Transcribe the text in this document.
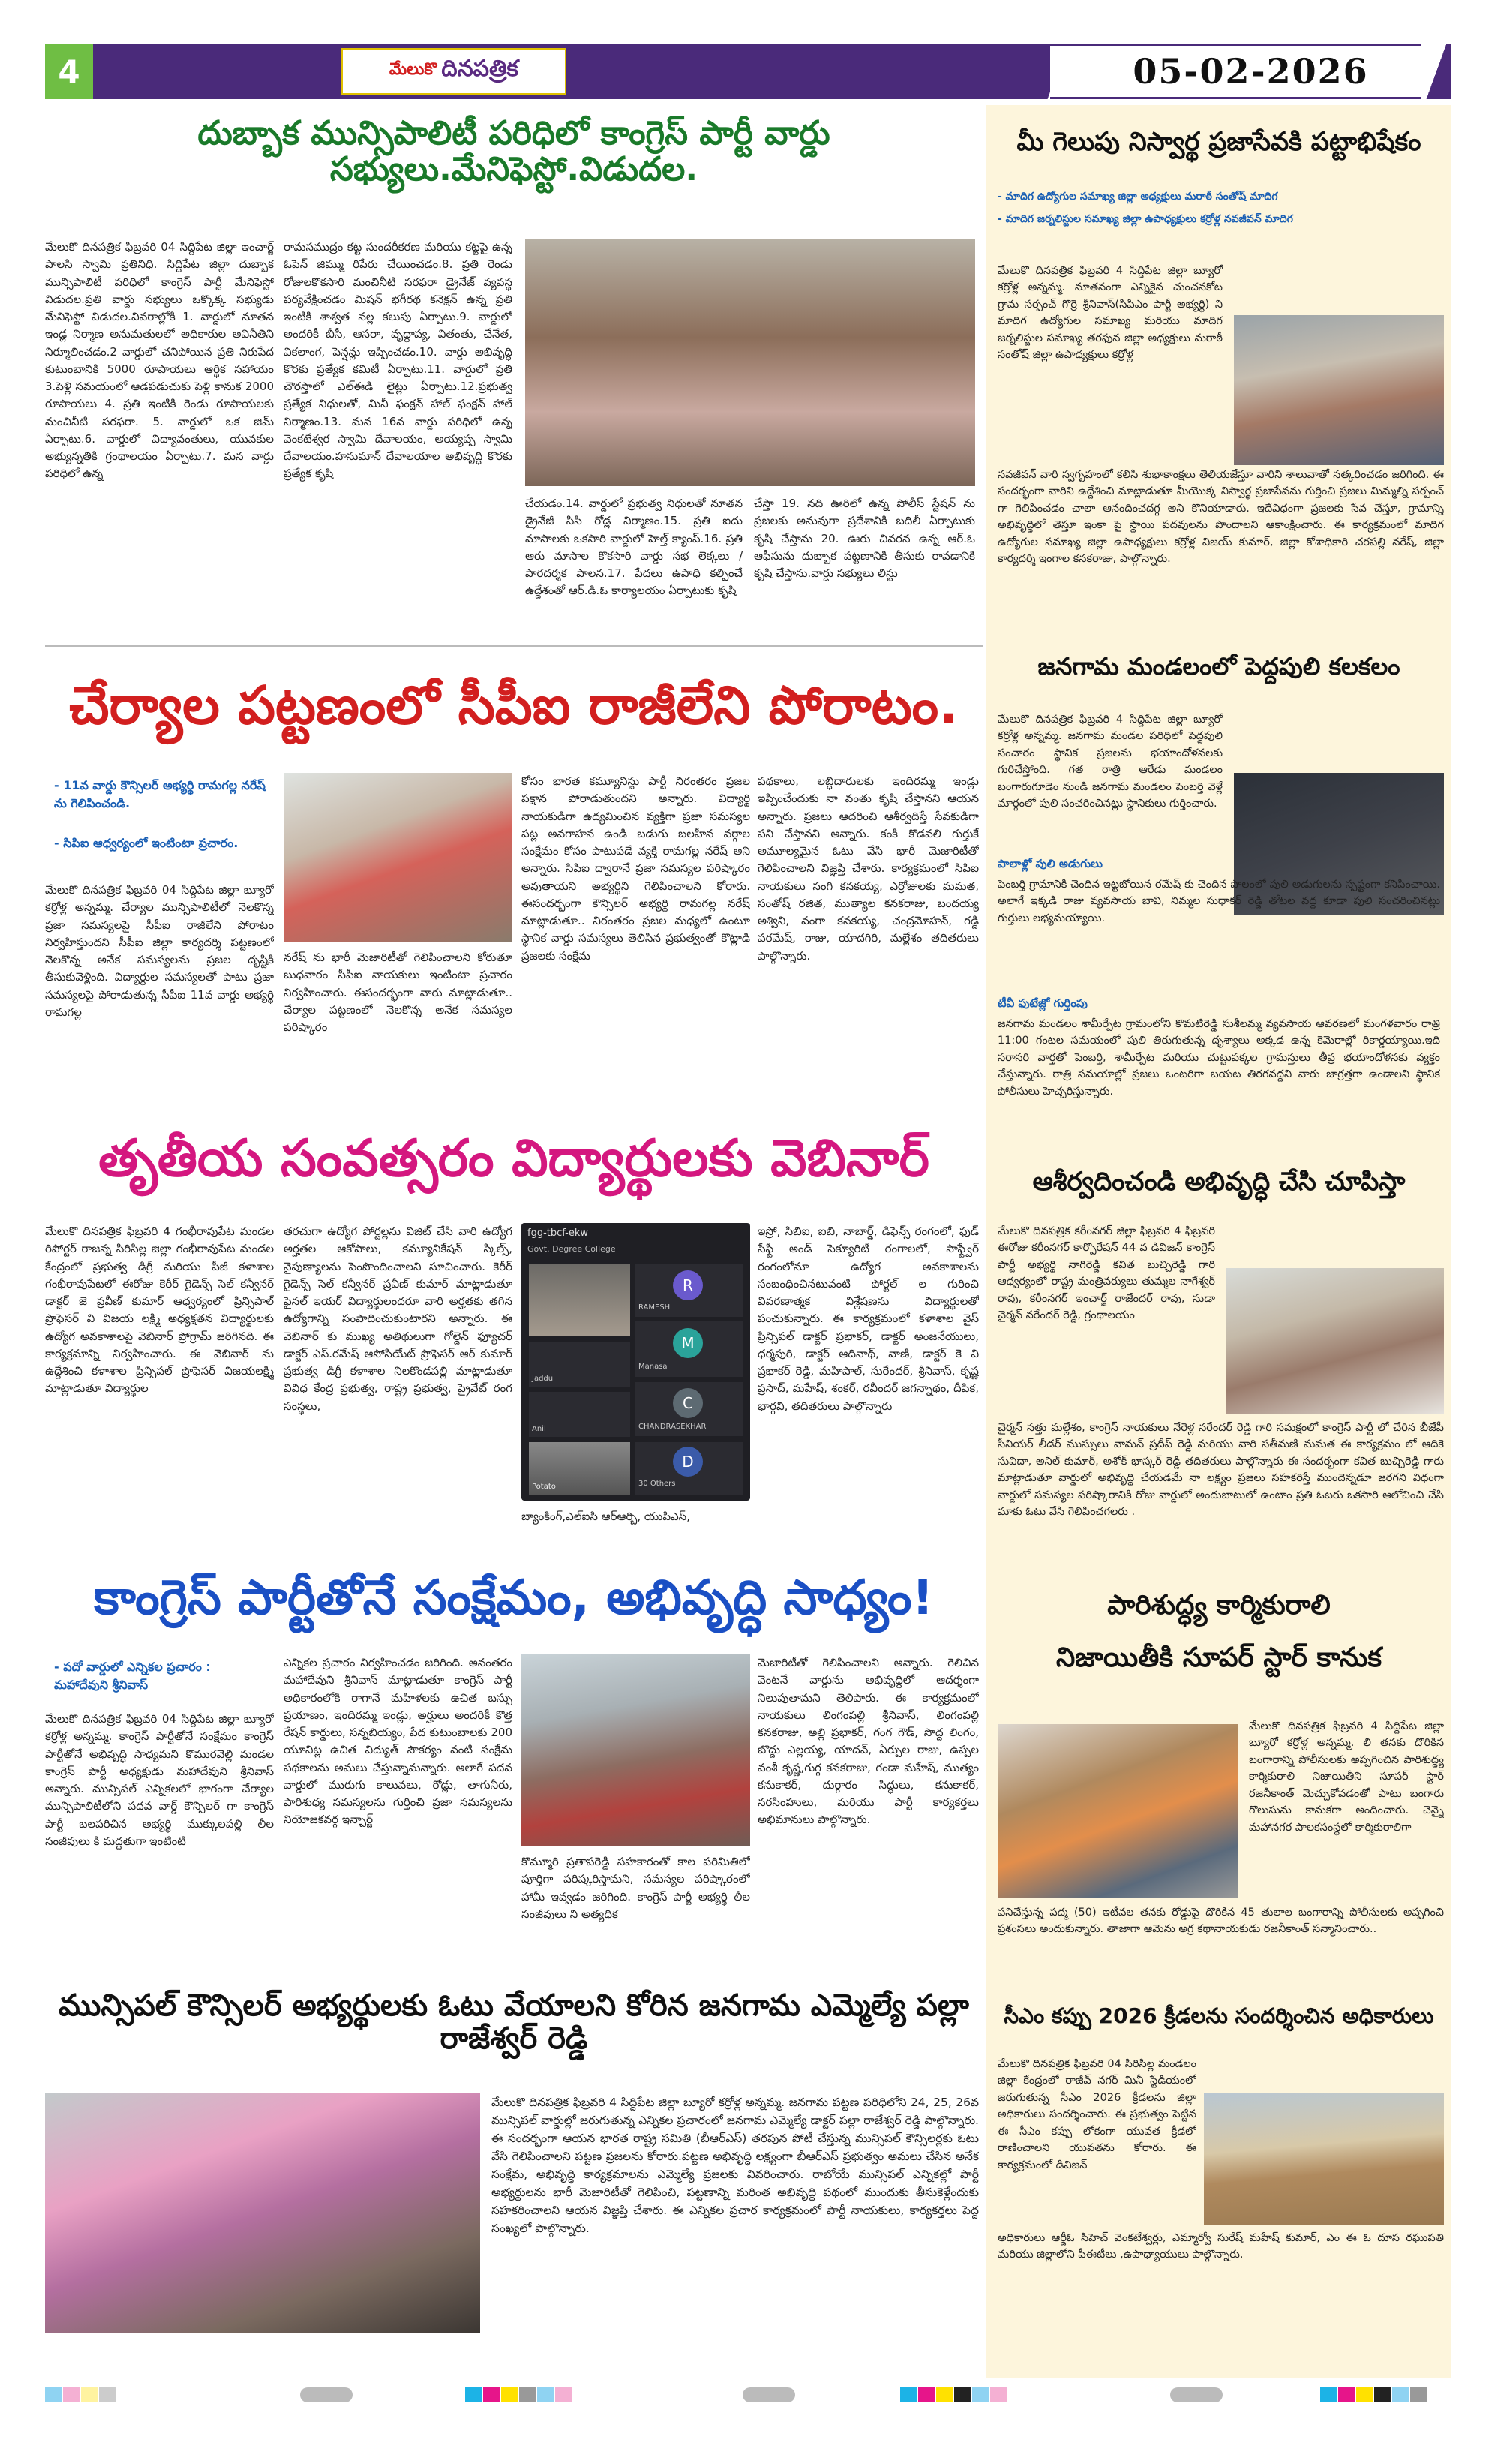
4	మేలుకొ దినపత్రిక	05-02-2026
దుబ్బాక మున్సిపాలిటీ పరిధిలో కాంగ్రెస్ పార్టీ వార్డు సభ్యులు.మేనిఫెస్టో.విడుదల.
మేలుకొ దినపత్రిక ఫిబ్రవరి 04 సిద్దిపేట జిల్లా ఇంచార్జ్ పాలసి స్వామి ప్రతినిధి. సిద్దిపేట జిల్లా దుబ్బాక మున్సిపాలిటీ పరిధిలో కాంగ్రెస్ పార్టీ మేనిఫెస్టో విడుదల.ప్రతి వార్డు సభ్యులు ఒక్కొక్క సభ్యుడు మేనిఫెస్టో విడుదల.వివరాల్లోకి 1. వార్డులో నూతన ఇండ్ల నిర్మాణ అనుమతులలో అధికారుల అవినీతిని నిర్మూలించడం.2 వార్డులో చనిపోయిన ప్రతి నిరుపేద కుటుంబానికి 5000 రూపాయలు ఆర్థిక సహాయం 3.పెళ్లి సమయంలో ఆడపడుచుకు పెళ్లి కానుక 2000 రూపాయలు 4. ప్రతి ఇంటికి రెండు రూపాయలకు మంచినీటి సరఫరా. 5. వార్డులో ఒక జిమ్ ఏర్పాటు.6. వార్డులో విద్యావంతులు, యువకుల అభ్యున్నతికి గ్రంథాలయం ఏర్పాటు.7. మన వార్డు పరిధిలో ఉన్న
రామసముద్రం కట్ట సుందరీకరణ మరియు కట్టపై ఉన్న ఓపెన్ జిమ్ము రిపేరు చేయించడం.8. ప్రతి రెండు రోజులకొకసారి మంచినీటి సరఫరా డ్రైనేజ్ వ్యవస్థ పర్యవేక్షించడం మిషన్ భగీరథ కనెక్షన్ ఉన్న ప్రతి ఇంటికి శాశ్వత నల్ల కలుపు ఏర్పాటు.9. వార్డులో అందరికీ బీసీ, ఆసరా, వృద్ధాప్య, వితంతు, చేనేత, వికలాంగ, పెన్షన్లు ఇప్పించడం.10. వార్డు అభివృద్ధి కొరకు ప్రత్యేక కమిటీ ఏర్పాటు.11. వార్డులో ప్రతి చౌరస్తాలో ఎల్ఈడి లైట్లు ఏర్పాటు.12.ప్రభుత్వ ప్రత్యేక నిధులతో, మినీ ఫంక్షన్ హాల్ ఫంక్షన్ హాల్ నిర్మాణం.13. మన 16వ వార్డు పరిధిలో ఉన్న వెంకటేశ్వర స్వామి దేవాలయం, అయ్యప్ప స్వామి దేవాలయం.హనుమాన్ దేవాలయాల అభివృద్ధి కొరకు ప్రత్యేక కృషి
చేయడం.14. వార్డులో ప్రభుత్వ నిధులతో నూతన డ్రైనేజీ సిసి రోడ్ల నిర్మాణం.15. ప్రతి ఐదు మాసాలకు ఒకసారి వార్డులో హెల్త్ క్యాంప్.16. ప్రతి ఆరు మాసాల కొకసారి వార్డు సభ లెక్కలు /పారదర్శక పాలన.17. పేదలు ఉపాధి కల్పించే ఉద్దేశంతో ఆర్.డి.ఓ కార్యాలయం ఏర్పాటుకు కృషి
చేస్తా 19. నది ఊరిలో ఉన్న పోలీస్ స్టేషన్ ను ప్రజలకు అనువుగా ప్రదేశానికి బదిలీ ఏర్పాటుకు కృషి చేస్తాను 20. ఊరు చివరన ఉన్న ఆర్.ఓ ఆఫీసును దుబ్బాక పట్టణానికి తీసుకు రావడానికి కృషి చేస్తాను.వార్డు సభ్యులు లిస్టు
చేర్యాల పట్టణంలో సీపీఐ రాజీలేని పోరాటం.
- 11వ వార్డు కౌన్సిలర్ అభ్యర్థి రామగల్ల నరేష్ ను గెలిపించండి.
- సిపిఐ ఆధ్వర్యంలో ఇంటింటా ప్రచారం.
మేలుకొ దినపత్రిక ఫిబ్రవరి 04 సిద్దిపేట జిల్లా బ్యూరో కర్రోళ్ల అన్నమ్మ. చేర్యాల మున్సిపాలిటీలో నెలకొన్న ప్రజా సమస్యలపై సీపీఐ రాజీలేని పోరాటం నిర్వహిస్తుందని సీపీఐ జిల్లా కార్యదర్శి పట్టణంలో నెలకొన్న అనేక సమస్యలను ప్రజల దృష్టికి తీసుకువెళ్లింది. విద్యార్థుల సమస్యలతో పాటు ప్రజా సమస్యలపై పోరాడుతున్న సీపీఐ 11వ వార్డు అభ్యర్థి రామగల్ల
నరేష్ ను భారీ మెజారిటీతో గెలిపించాలని కోరుతూ బుధవారం సీపీఐ నాయకులు ఇంటింటా ప్రచారం నిర్వహించారు. ఈసందర్భంగా వారు మాట్లాడుతూ.. చేర్యాల పట్టణంలో నెలకొన్న అనేక సమస్యల పరిష్కారం
కోసం భారత కమ్యూనిస్టు పార్టీ నిరంతరం ప్రజల పక్షాన పోరాడుతుందని అన్నారు. విద్యార్థి నాయకుడిగా ఉద్యమించిన వ్యక్తిగా ప్రజా సమస్యల పట్ల అవగాహన ఉండి బడుగు బలహీన వర్గాల సంక్షేమం కోసం పాటుపడే వ్యక్తి రామగల్ల నరేష్ అని అన్నారు. సిపిఐ ద్వారానే ప్రజా సమస్యల పరిష్కారం అవుతాయని అభ్యర్థిని గెలిపించాలని కోరారు. ఈసందర్భంగా కౌన్సిలర్ అభ్యర్థి రామగల్ల నరేష్ మాట్లాడుతూ.. నిరంతరం ప్రజల మధ్యలో ఉంటూ స్థానిక వార్డు సమస్యలు తెలిసిన ప్రభుత్వంతో కొట్లాడి ప్రజలకు సంక్షేమ
పథకాలు, లబ్ధిదారులకు ఇందిరమ్మ ఇండ్లు ఇప్పించేందుకు నా వంతు కృషి చేస్తానని ఆయన అన్నారు. ప్రజలు ఆదరించి ఆశీర్వదిస్తే సేవకుడిగా పని చేస్తానని అన్నారు. కంకి కొడవలి గుర్తుకే అమూల్యమైన ఓటు వేసి భారీ మెజారిటీతో గెలిపించాలని విజ్ఞప్తి చేశారు. కార్యక్రమంలో సిపిఐ నాయకులు సంగి కనకయ్య, ఎర్రోజులకు మమత, సంతోష్ రజిత, ముత్యాల కనకరాజు, బందయ్య అశ్విని, వంగా కనకయ్య, చంద్రమోహన్, గడ్డి పరమేష్, రాజు, యాదగిరి, మల్లేశం తదితరులు పాల్గొన్నారు.
తృతీయ సంవత్సరం విద్యార్థులకు వెబినార్
మేలుకొ దినపత్రిక ఫిబ్రవరి 4 గంభీరావుపేట మండల రిపోర్టర్ రాజన్న సిరిసిల్ల జిల్లా గంభీరావుపేట మండల కేంద్రంలో ప్రభుత్వ డిగ్రీ మరియు పీజీ కళాశాల గంభీరావుపేటలో ఈరోజు కెరీర్ గైడెన్స్ సెల్ కన్వీనర్ డాక్టర్ జె ప్రవీణ్ కుమార్ ఆధ్వర్యంలో ప్రిన్సిపాల్ ప్రొఫెసర్ వి విజయ లక్ష్మి అధ్యక్షతన విద్యార్థులకు ఉద్యోగ అవకాశాలపై వెబినార్ ప్రోగ్రామ్ జరిగినది. ఈ కార్యక్రమాన్ని నిర్వహించారు. ఈ వెబినార్ ను ఉద్దేశించి కళాశాల ప్రిన్సిపల్ ప్రొఫెసర్ విజయలక్ష్మి మాట్లాడుతూ విద్యార్థుల
తరచుగా ఉద్యోగ పోర్టల్లను విజిట్ చేసి వారి ఉద్యోగ అర్హతల ఆకోపాలు, కమ్యూనికేషన్ స్కిల్స్, నైపుణ్యాలను పెంపొందించాలని సూచించారు. కెరీర్ గైడెన్స్ సెల్ కన్వీనర్ ప్రవీణ్ కుమార్ మాట్లాడుతూ ఫైనల్ ఇయర్ విద్యార్థులందరూ వారి అర్హతకు తగిన ఉద్యోగాన్ని సంపాదించుకుంటారని అన్నారు. ఈ వెబినార్ కు ముఖ్య అతిథులుగా గోల్డెన్ ఫ్యూచర్ డాక్టర్ ఎస్.రమేష్ ఆసోసియేట్ ప్రొఫెసర్ ఆర్ కుమార్ ప్రభుత్వ డిగ్రీ కళాశాల నిలకొండపల్లి మాట్లాడుతూ వివిధ కేంద్ర ప్రభుత్వ, రాష్ట్ర ప్రభుత్వ, ప్రైవేట్ రంగ సంస్థలు,
fgg-tbcf-ekw
Govt. Degree College
R
RAMESH
M
Manasa
Jaddu
Anil
C
CHANDRASEKHAR
Potato
D
30 Others
బ్యాంకింగ్,ఎల్ఐసి ఆర్ఆర్బి, యుపిఎస్,
ఇస్రో, సిబిఐ, ఐబి, నాబార్డ్, డిఫెన్స్ రంగంలో, ఫుడ్ సేఫ్టీ అండ్ సెక్యూరిటీ రంగాలలో, సాఫ్ట్వేర్ రంగంలోనూ ఉద్యోగ అవకాశాలను సంబంధించినటువంటి పోర్టల్ ల గురించి వివరణాత్మక విశ్లేషణను విద్యార్థులతో పంచుకున్నారు. ఈ కార్యక్రమంలో కళాశాల వైస్ ప్రిన్సిపల్ డాక్టర్ ప్రభాకర్, డాక్టర్ అంజనేయులు, ధర్మపురి, డాక్టర్ ఆదినాథ్, వాణి, డాక్టర్ కె వి ప్రభాకర్ రెడ్డి, మహిపాల్, సురేందర్, శ్రీనివాస్, కృష్ణ ప్రసాద్, మహేష్, శంకర్, రవీందర్ జగన్నాథం, దీపిక, భార్గవి, తదితరులు పాల్గొన్నారు
కాంగ్రెస్ పార్టీతోనే సంక్షేమం, అభివృద్ధి సాధ్యం!
- పదో వార్డులో ఎన్నికల ప్రచారం : మహాదేవుని శ్రీనివాస్
మేలుకొ దినపత్రిక ఫిబ్రవరి 04 సిద్దిపేట జిల్లా బ్యూరో కర్రోళ్ల అన్నమ్మ. కాంగ్రెస్ పార్టీతోనే సంక్షేమం కాంగ్రెస్ పార్టీతోనే అభివృద్ధి సాధ్యమని కొమురవెల్లి మండల కాంగ్రెస్ పార్టీ అధ్యక్షుడు మహాదేవుని శ్రీనివాస్ అన్నారు. మున్సిపల్ ఎన్నికలలో భాగంగా చేర్యాల మున్సిపాలిటీలోని పదవ వార్డ్ కౌన్సిలర్ గా కాంగ్రెస్ పార్టీ బలపరిచిన అభ్యర్థి ముక్కులపల్లి లీల సంజీవులు కి మద్దతుగా ఇంటింటి
ఎన్నికల ప్రచారం నిర్వహించడం జరిగింది. అనంతరం మహాదేవుని శ్రీనివాస్ మాట్లాడుతూ కాంగ్రెస్ పార్టీ అధికారంలోకి రాగానే మహిళలకు ఉచిత బస్సు ప్రయాణం, ఇందిరమ్మ ఇండ్లు, అర్హులు అందరికీ కొత్త రేషన్ కార్డులు, సన్నబియ్యం, పేద కుటుంబాలకు 200 యూనిట్ల ఉచిత విద్యుత్ సౌకర్యం వంటి సంక్షేమ పథకాలను అమలు చేస్తున్నామన్నారు. అలాగే పదవ వార్డులో మురుగు కాలువలు, రోడ్లు, తాగునీరు, పారిశుధ్య సమస్యలను గుర్తించి ప్రజా సమస్యలను నియోజకవర్గ ఇన్చార్జ్
కొమ్మూరి ప్రతాపరెడ్డి సహకారంతో కాల పరిమితిలో పూర్తిగా పరిష్కరిస్తామని, సమస్యల పరిష్కారంలో హామీ ఇవ్వడం జరిగింది. కాంగ్రెస్ పార్టీ అభ్యర్థి లీల సంజీవులు ని అత్యధిక
మెజారిటీతో గెలిపించాలని అన్నారు. గెలిచిన వెంటనే వార్డును అభివృద్ధిలో ఆదర్శంగా నిలుపుతామని తెలిపారు. ఈ కార్యక్రమంలో నాయకులు లింగంపల్లి శ్రీనివాస్, లింగంపల్లి కనకరాజు, అల్లి ప్రభాకర్, గంగ గౌడ్, సొద్ద లింగం, బొద్దు ఎల్లయ్య, యాదవ్, ఏర్పుల రాజు, ఉప్పల వంశీ కృష్ణ,గుగ్గ కనకరాజు, గండా మహేష్, ముత్యం కనుకాకర్, దుర్గారం సిద్ధులు, కనుకాకర్, నరసింహులు, మరియు పార్టీ కార్యకర్తలు అభిమానులు పాల్గొన్నారు.
మున్సిపల్ కౌన్సిలర్ అభ్యర్థులకు ఓటు వేయాలని కోరిన జనగామ ఎమ్మెల్యే పల్లా రాజేశ్వర్ రెడ్డి
మేలుకొ దినపత్రిక ఫిబ్రవరి 4 సిద్దిపేట జిల్లా బ్యూరో కర్రోళ్ల అన్నమ్మ. జనగామ పట్టణ పరిధిలోని 24, 25, 26వ మున్సిపల్ వార్డుల్లో జరుగుతున్న ఎన్నికల ప్రచారంలో జనగామ ఎమ్మెల్యే డాక్టర్ పల్లా రాజేశ్వర్ రెడ్డి పాల్గొన్నారు. ఈ సందర్భంగా ఆయన భారత రాష్ట్ర సమితి (బీఆర్ఎస్) తరపున పోటీ చేస్తున్న మున్సిపల్ కౌన్సిలర్లకు ఓటు వేసి గెలిపించాలని పట్టణ ప్రజలను కోరారు.పట్టణ అభివృద్ధి లక్ష్యంగా బీఆర్ఎస్ ప్రభుత్వం అమలు చేసిన అనేక సంక్షేమ, అభివృద్ధి కార్యక్రమాలను ఎమ్మెల్యే ప్రజలకు వివరించారు. రాబోయే మున్సిపల్ ఎన్నికల్లో పార్టీ అభ్యర్థులను భారీ మెజారిటీతో గెలిపించి, పట్టణాన్ని మరింత అభివృద్ధి పథంలో ముందుకు తీసుకెళ్లేందుకు సహకరించాలని ఆయన విజ్ఞప్తి చేశారు. ఈ ఎన్నికల ప్రచార కార్యక్రమంలో పార్టీ నాయకులు, కార్యకర్తలు పెద్ద సంఖ్యలో పాల్గొన్నారు.
మీ గెలుపు నిస్వార్థ ప్రజాసేవకి పట్టాభిషేకం
- మాదిగ ఉద్యోగుల సమాఖ్య జిల్లా అధ్యక్షులు మరాఠీ సంతోష్ మాదిగ
- మాదిగ జర్నలిస్టుల సమాఖ్య జిల్లా ఉపాధ్యక్షులు కర్రోళ్ల నవజీవన్ మాదిగ
మేలుకొ దినపత్రిక ఫిబ్రవరి 4 సిద్దిపేట జిల్లా బ్యూరో కర్రోళ్ల అన్నమ్మ. నూతనంగా ఎన్నికైన చుంచనకోట గ్రామ సర్పంచ్ గొర్రె శ్రీనివాస్(సిపిఎం పార్టీ అభ్యర్థి) ని మాదిగ ఉద్యోగుల సమాఖ్య మరియు మాదిగ జర్నలిస్టుల సమాఖ్య తరఫున జిల్లా అధ్యక్షులు మరాఠీ సంతోష్ జిల్లా ఉపాధ్యక్షులు కర్రోళ్ల
నవజీవన్ వారి స్వగృహంలో కలిసి శుభాకాంక్షలు తెలియజేస్తూ వారిని శాలువాతో సత్కరించడం జరిగింది. ఈ సందర్భంగా వారిని ఉద్దేశించి మాట్లాడుతూ మీయొక్క నిస్వార్థ ప్రజాసేవను గుర్తించి ప్రజలు మిమ్మల్ని సర్పంచ్ గా గెలిపించడం చాలా ఆనందించదగ్గ అని కొనియాడారు. ఇదేవిధంగా ప్రజలకు సేవ చేస్తూ, గ్రామాన్ని అభివృద్ధిలో తెస్తూ ఇంకా పై స్థాయి పదవులను పొందాలని ఆకాంక్షించారు. ఈ కార్యక్రమంలో మాదిగ ఉద్యోగుల సమాఖ్య జిల్లా ఉపాధ్యక్షులు కర్రోళ్ల విజయ్ కుమార్, జిల్లా కోశాధికారి చరపల్లి నరేష్, జిల్లా కార్యదర్శి ఇంగాల కనకరాజు, పాల్గొన్నారు.
జనగామ మండలంలో పెద్దపులి కలకలం
మేలుకొ దినపత్రిక ఫిబ్రవరి 4 సిద్దిపేట జిల్లా బ్యూరో కర్రోళ్ల అన్నమ్మ. జనగామ మండల పరిధిలో పెద్దపులి సంచారం స్థానిక ప్రజలను భయాందోళనలకు గురిచేస్తోంది. గత రాత్రి ఆరేడు మండలం బంగారుగూడెం నుండి జనగామ మండలం పెంబర్తి వెళ్లే మార్గంలో పులి సంచరించినట్లు స్థానికులు గుర్తించారు.
పాలాళ్లో పులి అడుగులు
పెంబర్తి గ్రామానికి చెందిన ఇట్టబోయిన రమేష్ కు చెందిన పొలంలో పులి అడుగులను స్పష్టంగా కనిపించాయి. అలాగే ఇక్కడి రాజు వ్యవసాయ బావి, నిమ్మల సుధాకర్ రెడ్డి తోటల వద్ద కూడా పులి సంచరించినట్లు గుర్తులు లభ్యమయ్యాయి.
టీవీ ఫుటేజ్లో గుర్తింపు
జనగామ మండలం శామీర్పేట గ్రామంలోని కొమటిరెడ్డి సుశీలమ్మ వ్యవసాయ ఆవరణలో మంగళవారం రాత్రి 11:00 గంటల సమయంలో పులి తిరుగుతున్న దృశ్యాలు అక్కడ ఉన్న కెమెరాల్లో రికార్డయ్యాయి.ఇది సరాసరి వార్తతో పెంబర్తి, శామీర్పేట మరియు చుట్టుపక్కల గ్రామస్తులు తీవ్ర భయాందోళనకు వ్యక్తం చేస్తున్నారు. రాత్రి సమయాల్లో ప్రజలు ఒంటరిగా బయట తిరగవద్దని వారు జాగ్రత్తగా ఉండాలని స్థానిక పోలీసులు హెచ్చరిస్తున్నారు.
ఆశీర్వదించండి అభివృద్ధి చేసి చూపిస్తా
మేలుకొ దినపత్రిక కరీంనగర్ జిల్లా ఫిబ్రవరి 4 ఫిబ్రవరి ఈరోజు కరీంనగర్ కార్పొరేషన్ 44 వ డివిజన్ కాంగ్రెస్ పార్టీ అభ్యర్థి నాగిరెడ్డి కవిత బుచ్చిరెడ్డి గారి ఆధ్వర్యంలో రాష్ట్ర మంత్రివర్యులు తుమ్మల నాగేశ్వర్ రావు, కరీంనగర్ ఇంచార్జ్ రాజేందర్ రావు, సుడా చైర్మన్ నరేందర్ రెడ్డి, గ్రంథాలయం
చైర్మన్ సత్తు మల్లేశం, కాంగ్రెస్ నాయకులు నేరెళ్ల నరేందర్ రెడ్డి గారి సమక్షంలో కాంగ్రెస్ పార్టీ లో చేరిన బీజేపీ సీనియర్ లీడర్ ముస్సులు వామన్ ప్రదీప్ రెడ్డి మరియు వారి సతీమణి మమత ఈ కార్యక్రమం లో ఆదికె సువిదా, అనిల్ కుమార్, అశోక్ భాస్కర్ రెడ్డి తదితరులు పాల్గొన్నారు ఈ సందర్భంగా కవిత బుచ్చిరెడ్డి గారు మాట్లాడుతూ వార్డులో అభివృద్ధి చేయడమే నా లక్ష్యం ప్రజలు సహకరిస్తే ముందెన్నడూ జరగని విధంగా వార్డులో సమస్యల పరిష్కారానికి రోజు వార్డులో అందుబాటులో ఉంటాం ప్రతి ఓటరు ఒకసారి ఆలోచించి చేసి మాకు ఓటు వేసి గెలిపించగలరు .
పారిశుద్ధ్య కార్మికురాలి
నిజాయితీకి సూపర్ స్టార్ కానుక
మేలుకొ దినపత్రిక ఫిబ్రవరి 4 సిద్దిపేట జిల్లా బ్యూరో కర్రోళ్ల అన్నమ్మ. లి తనకు దొరికిన బంగారాన్ని పోలీసులకు అప్పగించిన పారిశుద్ధ్య కార్మికురాలి నిజాయితీని సూపర్ స్టార్ రజనీకాంత్ మెచ్చుకోవడంతో పాటు బంగారు గొలుసును కానుకగా అందించారు. చెన్నై మహానగర పాలకసంస్థలో కార్మికురాలిగా
పనిచేస్తున్న పద్మ (50) ఇటీవల తనకు రోడ్డుపై దొరికిన 45 తులాల బంగారాన్ని పోలీసులకు అప్పగించి ప్రశంసలు అందుకున్నారు. తాజాగా ఆమెను అగ్ర కథానాయకుడు రజనీకాంత్ సన్మానించారు..
సీఎం కప్పు 2026 క్రీడలను సందర్శించిన అధికారులు
మేలుకొ దినపత్రిక ఫిబ్రవరి 04 సిరిసిల్ల మండలం జిల్లా కేంద్రంలో రాజీవ్ నగర్ మినీ స్టేడియంలో జరుగుతున్న సీఎం 2026 క్రీడలను జిల్లా అధికారులు సందర్శించారు. ఈ ప్రభుత్వం పెట్టిన ఈ సీఎం కప్పు లోకంగా యువత క్రీడలో రాణించాలని యువతను కోరారు. ఈ కార్యక్రమంలో డివిజన్
అధికారులు ఆర్డీఓ సిహెచ్ వెంకటేశ్వర్లు, ఎమ్మార్వో సురేష్ మహేష్ కుమార్, ఎం ఈ ఓ దూస రఘుపతి మరియు జిల్లాలోని పీఈటీలు ,ఉపాధ్యాయులు పాల్గొన్నారు.
